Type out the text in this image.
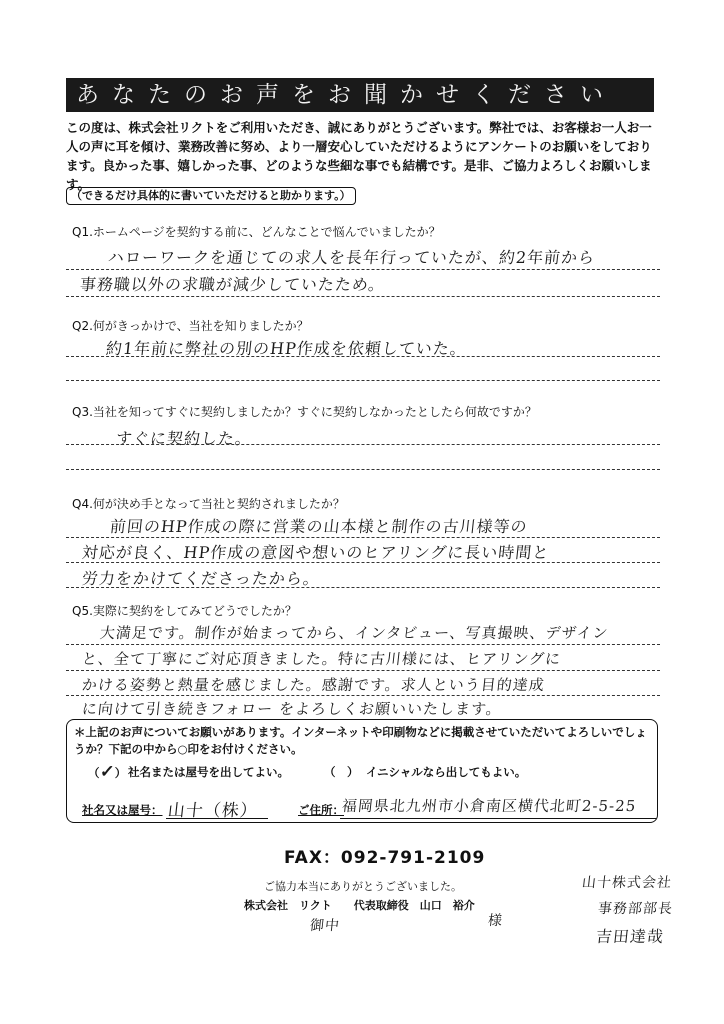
あなたのお声をお聞かせください
この度は、株式会社リクトをご利用いただき、誠にありがとうございます。弊社では、お客様お一人お一人の声に耳を傾け、業務改善に努め、より一層安心していただけるようにアンケートのお願いをしております。良かった事、嬉しかった事、どのような些細な事でも結構です。是非、ご協力よろしくお願いします。
（できるだけ具体的に書いていただけると助かります。）
Q1.ホームページを契約する前に、どんなことで悩んでいましたか？
ハローワークを通じての求人を長年行っていたが、約2年前から
事務職以外の求職が減少していたため。
Q2.何がきっかけで、当社を知りましたか？
約1年前に弊社の別のHP作成を依頼していた。
Q3.当社を知ってすぐに契約しましたか？すぐに契約しなかったとしたら何故ですか？
すぐに契約した。
Q4.何が決め手となって当社と契約されましたか？
前回のHP作成の際に営業の山本様と制作の古川様等の
対応が良く、HP作成の意図や想いのヒアリングに長い時間と
労力をかけてくださったから。
Q5.実際に契約をしてみてどうでしたか？
大満足です。制作が始まってから、インタビュー、写真撮映、デザイン
と、全て丁寧にご対応頂きました。特に古川様には、ヒアリングに
かける姿勢と熱量を感じました。感謝です。求人という目的達成
に向けて引き続きフォロー をよろしくお願いいたします。
＊上記のお声についてお願いがあります。インターネットや印刷物などに掲載させていただいてよろしいでしょうか？下記の中から○印をお付けください。
（✓） 社名または屋号を出してよい。	（　） イニシャルなら出してもよい。
社名又は屋号： 山十（株）	ご住所：
福岡県北九州市小倉南区横代北町2-5-25
FAX：092-791-2109
ご協力本当にありがとうございました。
株式会社　リクト　　代表取締役　山口　裕介
御中	様
山十株式会社
事務部部長
吉田達哉
